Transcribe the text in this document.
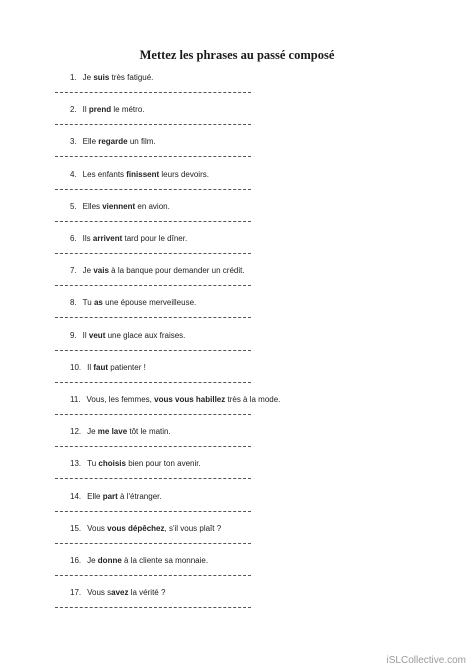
Mettez les phrases au passé composé
1. Je suis très fatigué.
2. Il prend le métro.
3. Elle regarde un film.
4. Les enfants finissent leurs devoirs.
5. Elles viennent en avion.
6. Ils arrivent tard pour le dîner.
7. Je vais à la banque pour demander un crédit.
8. Tu as une épouse merveilleuse.
9. Il veut une glace aux fraises.
10. Il faut patienter !
11. Vous, les femmes, vous vous habillez très à la mode.
12. Je me lave tôt le matin.
13. Tu choisis bien pour ton avenir.
14. Elle part à l'étranger.
15. Vous vous dépêchez, s'il vous plaît ?
16. Je donne à la cliente sa monnaie.
17. Vous savez la vérité ?
iSLCollective.com
